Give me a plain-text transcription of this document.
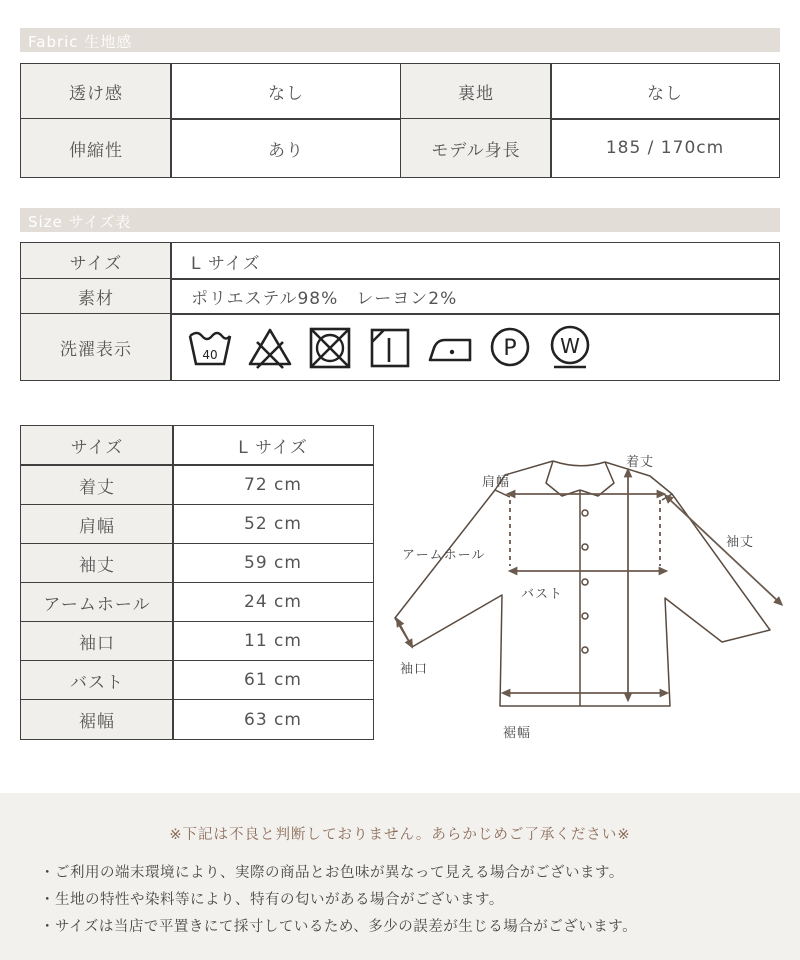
Fabric 生地感
透け感	なし	裏地	なし
伸縮性	あり	モデル身長	185 / 170cm
Size サイズ表
サイズ	L サイズ
素材	ポリエステル98%　レーヨン2%
洗濯表示	40	P W
サイズ	L サイズ
着丈	72 cm
肩幅	52 cm
袖丈	59 cm
アームホール	24 cm
袖口	11 cm
バスト	61 cm
裾幅	63 cm
着丈
肩幅
袖丈
アームホール
バスト
袖口
裾幅
※下記は不良と判断しておりません。あらかじめご了承ください※
・ご利用の端末環境により、実際の商品とお色味が異なって見える場合がございます。
・生地の特性や染料等により、特有の匂いがある場合がございます。
・サイズは当店で平置きにて採寸しているため、多少の誤差が生じる場合がございます。
